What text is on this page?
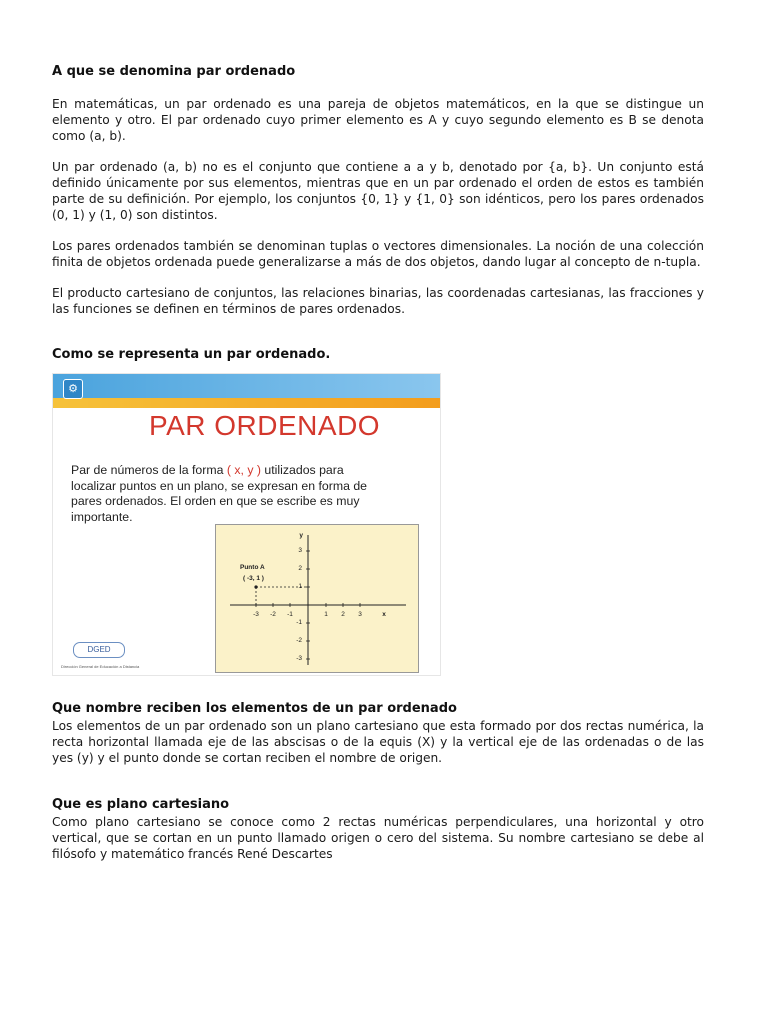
A que se denomina par ordenado

En matemáticas, un par ordenado es una pareja de objetos matemáticos, en la que se distingue un elemento y otro. El par ordenado cuyo primer elemento es A y cuyo segundo elemento es B se denota como (a, b).

Un par ordenado (a, b) no es el conjunto que contiene a a y b, denotado por {a, b}. Un conjunto está definido únicamente por sus elementos, mientras que en un par ordenado el orden de estos es también parte de su definición. Por ejemplo, los conjuntos {0, 1} y {1, 0} son idénticos, pero los pares ordenados (0, 1) y (1, 0) son distintos.

Los pares ordenados también se denominan tuplas o vectores dimensionales. La noción de una colección finita de objetos ordenada puede generalizarse a más de dos objetos, dando lugar al concepto de n-tupla.

El producto cartesiano de conjuntos, las relaciones binarias, las coordenadas cartesianas, las fracciones y las funciones se definen en términos de pares ordenados.

Como se representa un par ordenado.
⚙
PAR ORDENADO
Par de números de la forma ( x, y ) utilizados para localizar puntos en un plano, se expresan en forma de pares ordenados. El orden en que se escribe es muy importante.
-3 -2 -1	1 2 3	x
3
2
1
-1
-2
-3
y
Punto A
( -3, 1 )
DGED
Dirección General de Educación a Distancia
Que nombre reciben los elementos de un par ordenado

Los elementos de un par ordenado son un plano cartesiano que esta formado por dos rectas numérica, la recta horizontal llamada eje de las abscisas o de la equis (X) y la vertical eje de las ordenadas o de las yes (y) y el punto donde se cortan reciben el nombre de origen.

Que es plano cartesiano

Como plano cartesiano se conoce como 2 rectas numéricas perpendiculares, una horizontal y otro vertical, que se cortan en un punto llamado origen o cero del sistema. Su nombre cartesiano se debe al filósofo y matemático francés René Descartes
